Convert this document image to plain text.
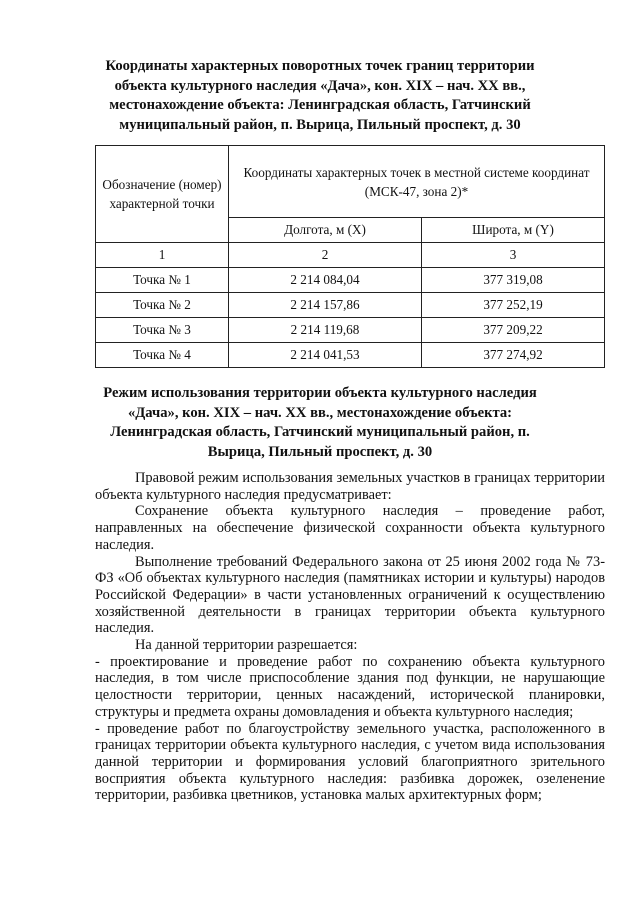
Координаты характерных поворотных точек границ территории объекта культурного наследия «Дача», кон. XIX – нач. XX вв., местонахождение объекта: Ленинградская область, Гатчинский муниципальный район, п. Вырица, Пильный проспект, д. 30
Обозначение (номер) характерной точки	Координаты характерных точек в местной системе координат (МСК-47, зона 2)*	
	Долгота, м (X)	Широта, м (Y)
1	2	3
Точка № 1	2 214 084,04	377 319,08
Точка № 2	2 214 157,86	377 252,19
Точка № 3	2 214 119,68	377 209,22
Точка № 4	2 214 041,53	377 274,92
Режим использования территории объекта культурного наследия «Дача», кон. XIX – нач. XX вв., местонахождение объекта: Ленинградская область, Гатчинский муниципальный район, п. Вырица, Пильный проспект, д. 30

Правовой режим использования земельных участков в границах территории объекта культурного наследия предусматривает:

Сохранение объекта культурного наследия – проведение работ, направленных на обеспечение физической сохранности объекта культурного наследия.

Выполнение требований Федерального закона от 25 июня 2002 года № 73-ФЗ «Об объектах культурного наследия (памятниках истории и культуры) народов Российской Федерации» в части установленных ограничений к осуществлению хозяйственной деятельности в границах территории объекта культурного наследия.

На данной территории разрешается:

- проектирование и проведение работ по сохранению объекта культурного наследия, в том числе приспособление здания под функции, не нарушающие целостности территории, ценных насаждений, исторической планировки, структуры и предмета охраны домовладения и объекта культурного наследия;

- проведение работ по благоустройству земельного участка, расположенного в границах территории объекта культурного наследия, с учетом вида использования данной территории и формирования условий благоприятного зрительного восприятия объекта культурного наследия: разбивка дорожек, озеленение территории, разбивка цветников, установка малых архитектурных форм;
